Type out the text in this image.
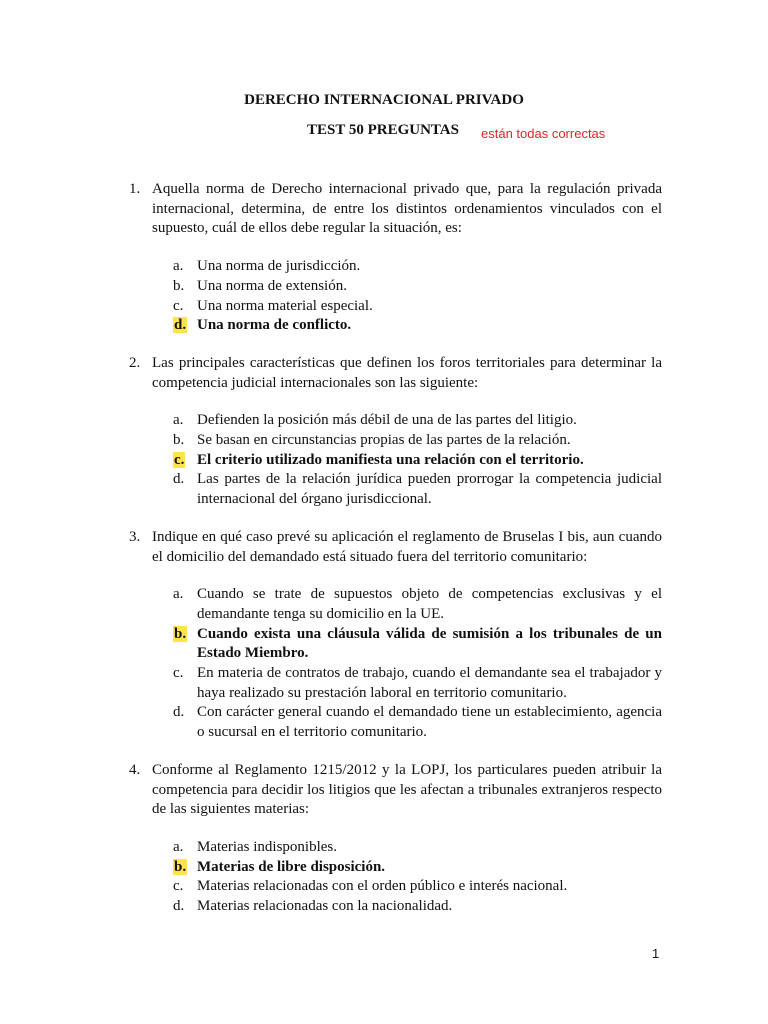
DERECHO INTERNACIONAL PRIVADO
TEST 50 PREGUNTAS están todas correctas
1. Aquella norma de Derecho internacional privado que, para la regulación privada internacional, determina, de entre los distintos ordenamientos vinculados con el supuesto, cuál de ellos debe regular la situación, es:
a. Una norma de jurisdicción.
b. Una norma de extensión.
c. Una norma material especial.
d. Una norma de conflicto.
2. Las principales características que definen los foros territoriales para determinar la competencia judicial internacionales son las siguiente:
a. Defienden la posición más débil de una de las partes del litigio.
b. Se basan en circunstancias propias de las partes de la relación.
c. El criterio utilizado manifiesta una relación con el territorio.
d. Las partes de la relación jurídica pueden prorrogar la competencia judicial internacional del órgano jurisdiccional.
3. Indique en qué caso prevé su aplicación el reglamento de Bruselas I bis, aun cuando el domicilio del demandado está situado fuera del territorio comunitario:
a. Cuando se trate de supuestos objeto de competencias exclusivas y el demandante tenga su domicilio en la UE.
b. Cuando exista una cláusula válida de sumisión a los tribunales de un Estado Miembro.
c. En materia de contratos de trabajo, cuando el demandante sea el trabajador y haya realizado su prestación laboral en territorio comunitario.
d. Con carácter general cuando el demandado tiene un establecimiento, agencia o sucursal en el territorio comunitario.
4. Conforme al Reglamento 1215/2012 y la LOPJ, los particulares pueden atribuir la competencia para decidir los litigios que les afectan a tribunales extranjeros respecto de las siguientes materias:
a. Materias indisponibles.
b. Materias de libre disposición.
c. Materias relacionadas con el orden público e interés nacional.
d. Materias relacionadas con la nacionalidad.
1
